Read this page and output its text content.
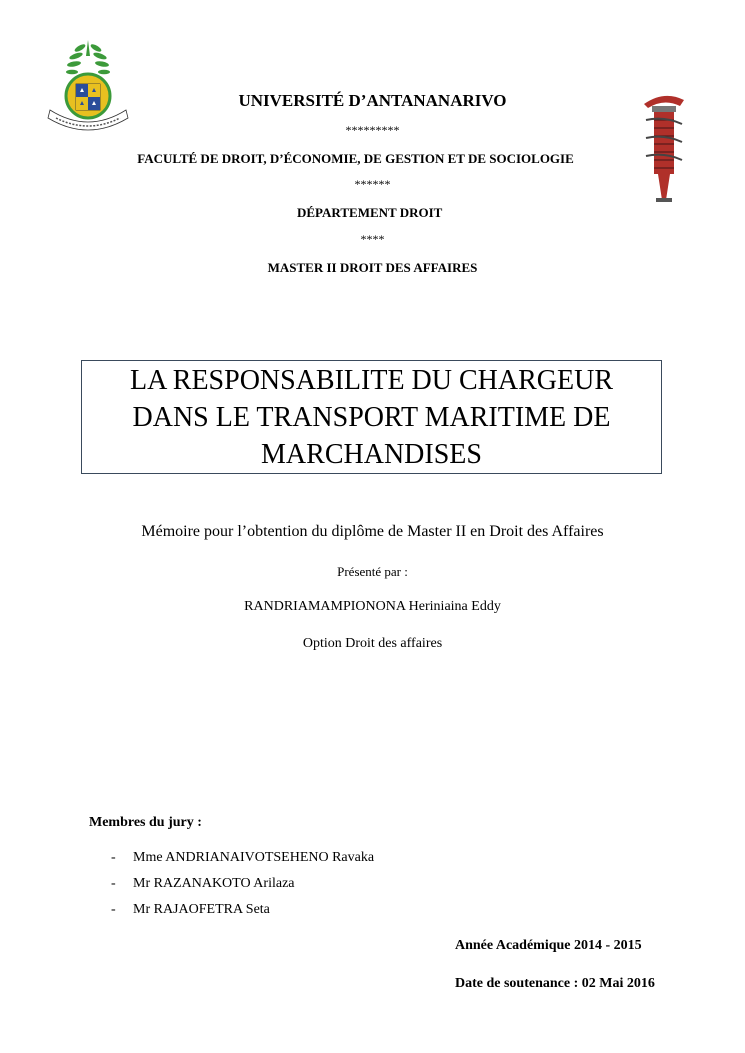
UNIVERSITÉ D’ANTANANARIVO
*********
FACULTÉ DE DROIT, D’ÉCONOMIE, DE GESTION ET DE SOCIOLOGIE
******
DÉPARTEMENT DROIT
****
MASTER II DROIT DES AFFAIRES
LA RESPONSABILITE DU CHARGEUR
DANS LE TRANSPORT MARITIME DE
MARCHANDISES
Mémoire pour l’obtention du diplôme de Master II en Droit des Affaires
Présenté par :
RANDRIAMAMPIONONA Heriniaina Eddy
Option Droit des affaires
Membres du jury :
- Mme ANDRIANAIVOTSEHENO Ravaka
- Mr RAZANAKOTO Arilaza
- Mr RAJAOFETRA Seta
Année Académique 2014 - 2015
Date de soutenance : 02 Mai 2016
